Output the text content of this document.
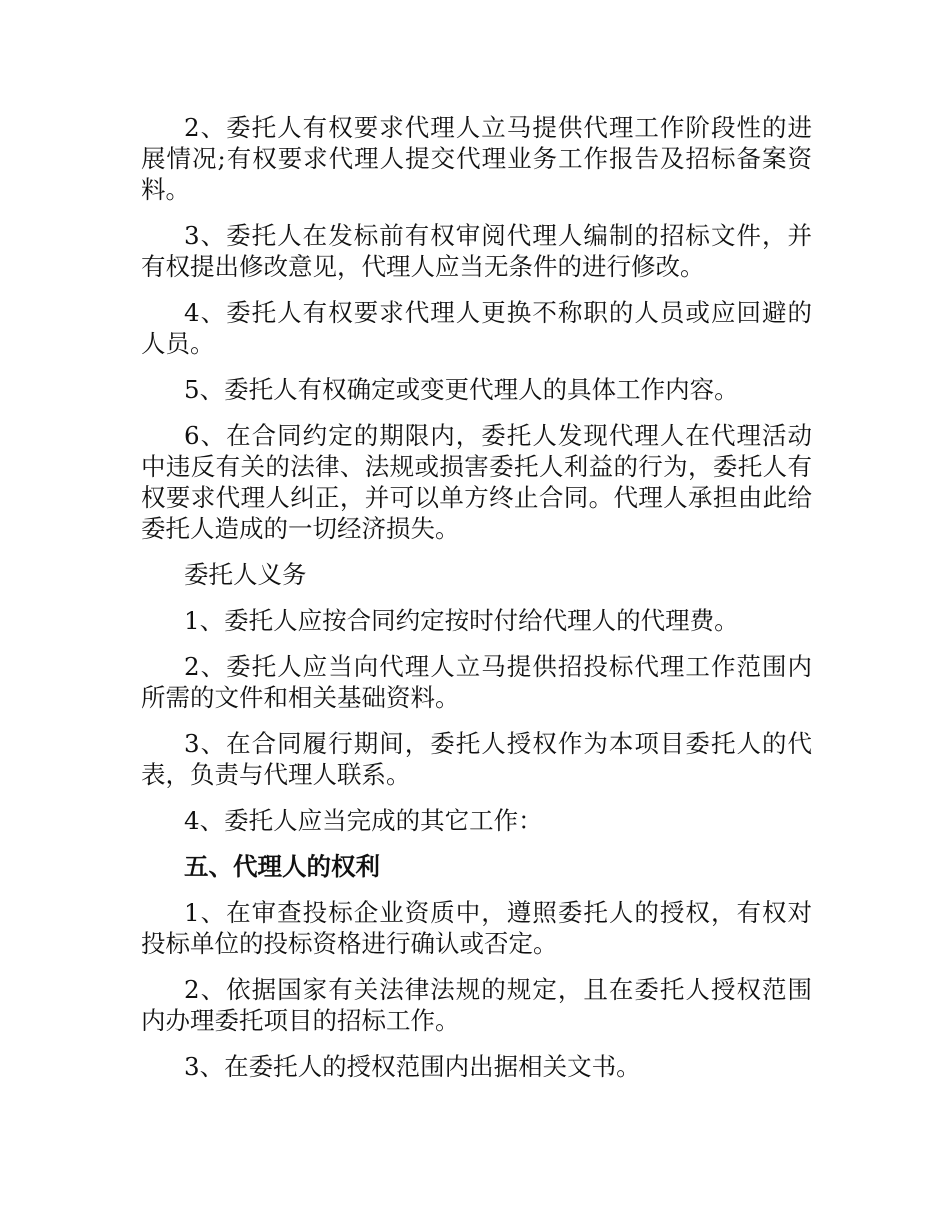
2、委托人有权要求代理人立马提供代理工作阶段性的进展情况;有权要求代理人提交代理业务工作报告及招标备案资料。

3、委托人在发标前有权审阅代理人编制的招标文件，并有权提出修改意见，代理人应当无条件的进行修改。

4、委托人有权要求代理人更换不称职的人员或应回避的人员。

5、委托人有权确定或变更代理人的具体工作内容。

6、在合同约定的期限内，委托人发现代理人在代理活动中违反有关的法律、法规或损害委托人利益的行为，委托人有权要求代理人纠正，并可以单方终止合同。代理人承担由此给委托人造成的一切经济损失。

委托人义务

1、委托人应按合同约定按时付给代理人的代理费。

2、委托人应当向代理人立马提供招投标代理工作范围内所需的文件和相关基础资料。

3、在合同履行期间，委托人授权作为本项目委托人的代表，负责与代理人联系。

4、委托人应当完成的其它工作：

五、代理人的权利

1、在审查投标企业资质中，遵照委托人的授权，有权对投标单位的投标资格进行确认或否定。

2、依据国家有关法律法规的规定，且在委托人授权范围内办理委托项目的招标工作。

3、在委托人的授权范围内出据相关文书。
